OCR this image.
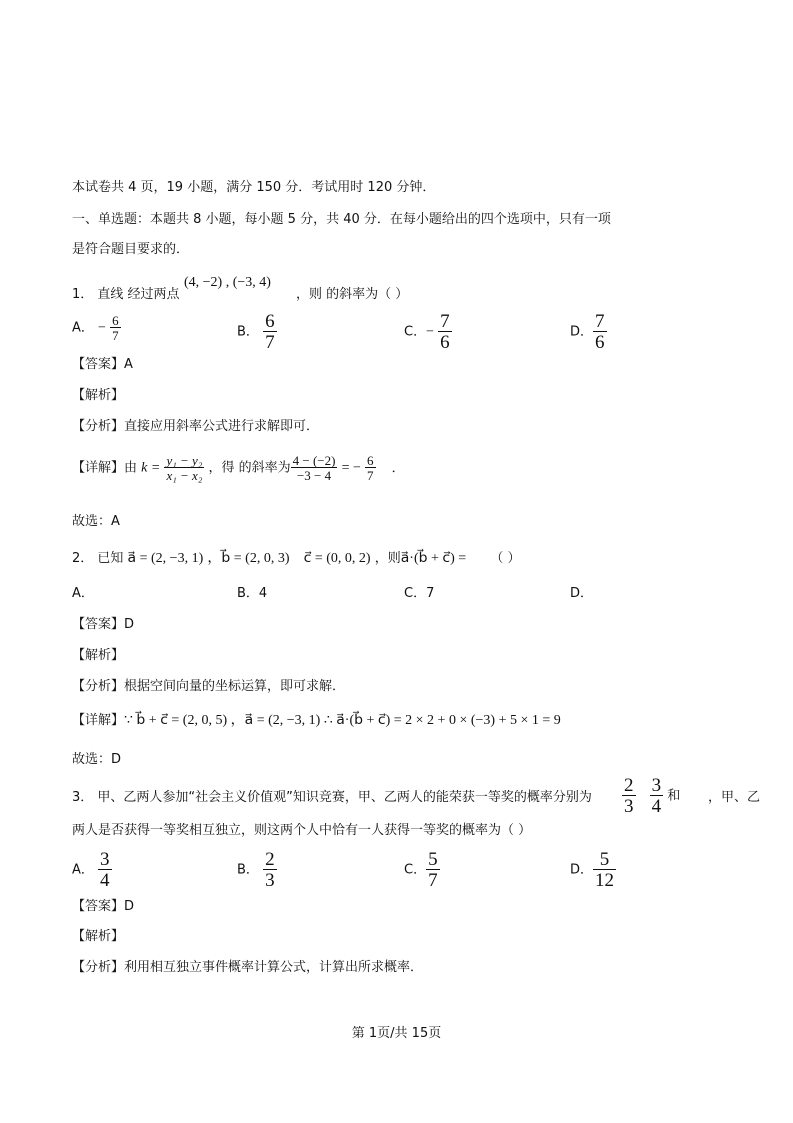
本试卷共 4 页，19 小题，满分 150 分．考试用时 120 分钟．
一、单选题：本题共 8 小题，每小题 5 分，共 40 分．在每小题给出的四个选项中，只有一项
是符合题目要求的．
1． 直线 经过两点
(4, −2) , (−3, 4)
，则 的斜率为（ ）
A． − $\frac{6}{7}$	B． $\frac{6}{7}$	C．− $\frac{7}{6}$	D． $\frac{7}{6}$
【答案】A
【解析】
【分析】直接应用斜率公式进行求解即可．
【详解】由 $k = \frac{\text{y₁ − y₂}}{\text{x₁ − x₂}}$ ，得 的斜率为 $\frac{4 - (-2)}{-3 - 4}$ = − $\frac{6}{7}$ ．
故选：A
2． 已知 a⃗ = (2, −3, 1) ，b⃗ = (2, 0, 3) c⃗ = (0, 0, 2) ，则a⃗·(b⃗ + c⃗) = （ ）
A．	B．4	C．7	D．
【答案】D
【解析】
【分析】根据空间向量的坐标运算，即可求解．
【详解】∵ b⃗ + c⃗ = (2, 0, 5) ，a⃗ = (2, −3, 1) ∴ a⃗·(b⃗ + c⃗) = 2 × 2 + 0 × (−3) + 5 × 1 = 9
故选：D
3． 甲、乙两人参加“社会主义价值观”知识竞赛，甲、乙两人的能荣获一等奖的概率分别为 $\frac{2}{3}$
$\frac{3}{4}$ 和 ，甲、乙
两人是否获得一等奖相互独立，则这两个人中恰有一人获得一等奖的概率为（ ）
A． $\frac{3}{4}$	B． $\frac{2}{3}$	C． $\frac{5}{7}$	D． $\frac{5}{12}$
【答案】D
【解析】
【分析】利用相互独立事件概率计算公式，计算出所求概率．
第 1页/共 15页
